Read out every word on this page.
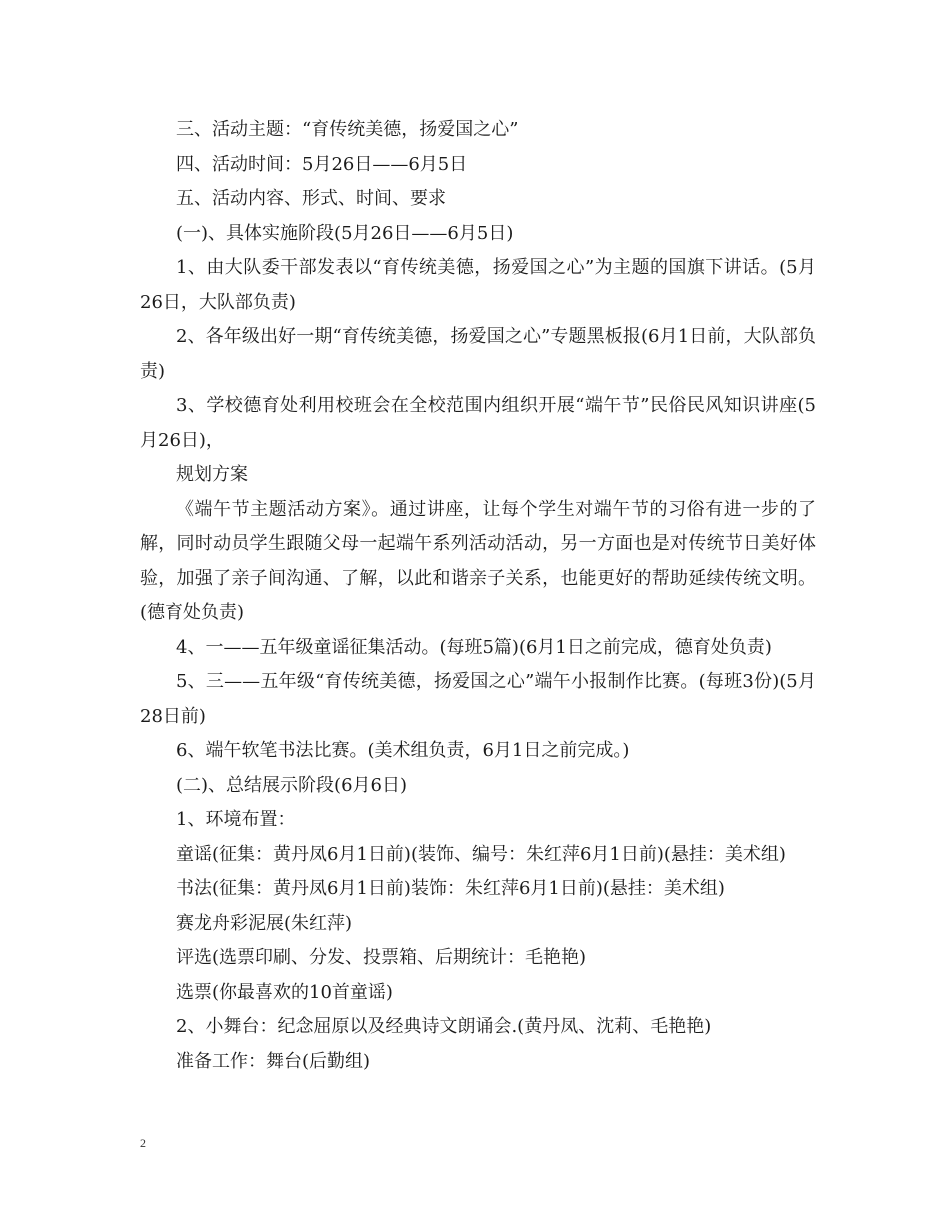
三、活动主题：“育传统美德，扬爱国之心”

四、活动时间：5月26日——6月5日

五、活动内容、形式、时间、要求

(一)、具体实施阶段(5月26日——6月5日)

1、由大队委干部发表以“育传统美德，扬爱国之心”为主题的国旗下讲话。(5月26日，大队部负责)

2、各年级出好一期“育传统美德，扬爱国之心”专题黑板报(6月1日前，大队部负责)

3、学校德育处利用校班会在全校范围内组织开展“端午节”民俗民风知识讲座(5月26日)，

规划方案

《端午节主题活动方案》。通过讲座，让每个学生对端午节的习俗有进一步的了解，同时动员学生跟随父母一起端午系列活动活动，另一方面也是对传统节日美好体验，加强了亲子间沟通、了解，以此和谐亲子关系，也能更好的帮助延续传统文明。(德育处负责)

4、一——五年级童谣征集活动。(每班5篇)(6月1日之前完成，德育处负责)

5、三——五年级“育传统美德，扬爱国之心”端午小报制作比赛。(每班3份)(5月28日前)

6、端午软笔书法比赛。(美术组负责，6月1日之前完成。)

(二)、总结展示阶段(6月6日)

1、环境布置：

童谣(征集：黄丹凤6月1日前)(装饰、编号：朱红萍6月1日前)(悬挂：美术组)

书法(征集：黄丹凤6月1日前)装饰：朱红萍6月1日前)(悬挂：美术组)

赛龙舟彩泥展(朱红萍)

评选(选票印刷、分发、投票箱、后期统计：毛艳艳)

选票(你最喜欢的10首童谣)

2、小舞台：纪念屈原以及经典诗文朗诵会.(黄丹凤、沈莉、毛艳艳)

准备工作：舞台(后勤组)

2
